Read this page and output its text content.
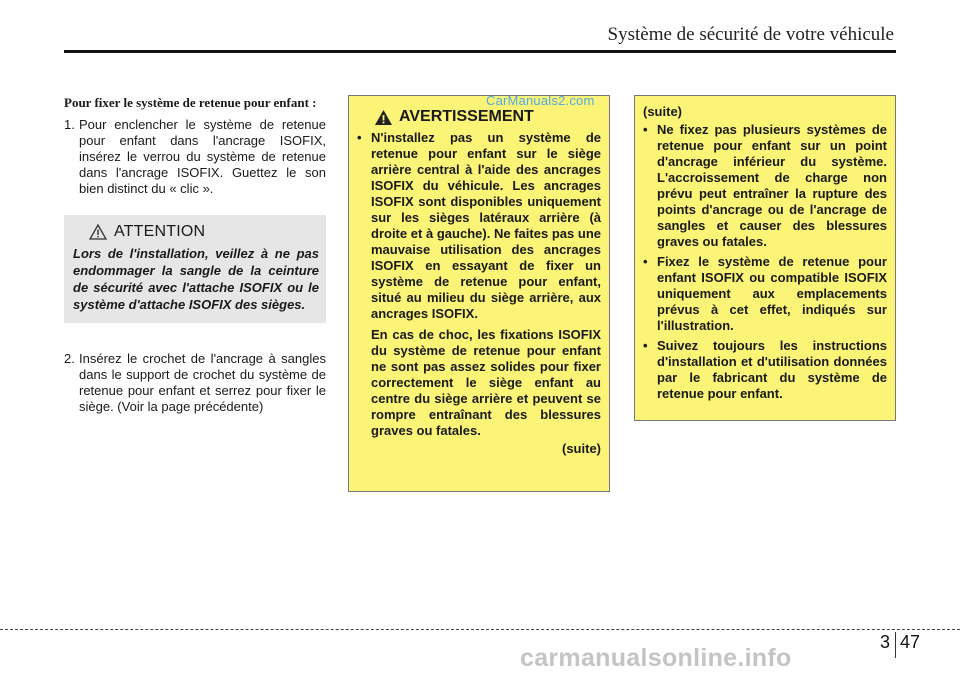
Système de sécurité de votre véhicule
Pour fixer le système de retenue pour enfant :
1. Pour enclencher le système de retenue pour enfant dans l'ancrage ISOFIX, insérez le verrou du système de retenue dans l'ancrage ISOFIX. Guettez le son bien distinct du « clic ».
ATTENTION
Lors de l'installation, veillez à ne pas endommager la sangle de la ceinture de sécurité avec l'attache ISOFIX ou le système d'attache ISOFIX des sièges.
2. Insérez le crochet de l'ancrage à sangles dans le support de crochet du système de retenue pour enfant et serrez pour fixer le siège. (Voir la page précédente)
AVERTISSEMENT
• N'installez pas un système de retenue pour enfant sur le siège arrière central à l'aide des ancrages ISOFIX du véhicule. Les ancrages ISOFIX sont disponibles uniquement sur les sièges latéraux arrière (à droite et à gauche). Ne faites pas une mauvaise utilisation des ancrages ISOFIX en essayant de fixer un système de retenue pour enfant, situé au milieu du siège arrière, aux ancrages ISOFIX.
En cas de choc, les fixations ISOFIX du système de retenue pour enfant ne sont pas assez solides pour fixer correctement le siège enfant au centre du siège arrière et peuvent se rompre entraînant des blessures graves ou fatales.
(suite)
(suite)
• Ne fixez pas plusieurs systèmes de retenue pour enfant sur un point d'ancrage inférieur du système. L'accroissement de charge non prévu peut entraîner la rupture des points d'ancrage ou de l'ancrage de sangles et causer des blessures graves ou fatales.
• Fixez le système de retenue pour enfant ISOFIX ou compatible ISOFIX uniquement aux emplacements prévus à cet effet, indiqués sur l'illustration.
• Suivez toujours les instructions d'installation et d'utilisation données par le fabricant du système de retenue pour enfant.
CarManuals2.com
3 47
carmanualsonline.info
